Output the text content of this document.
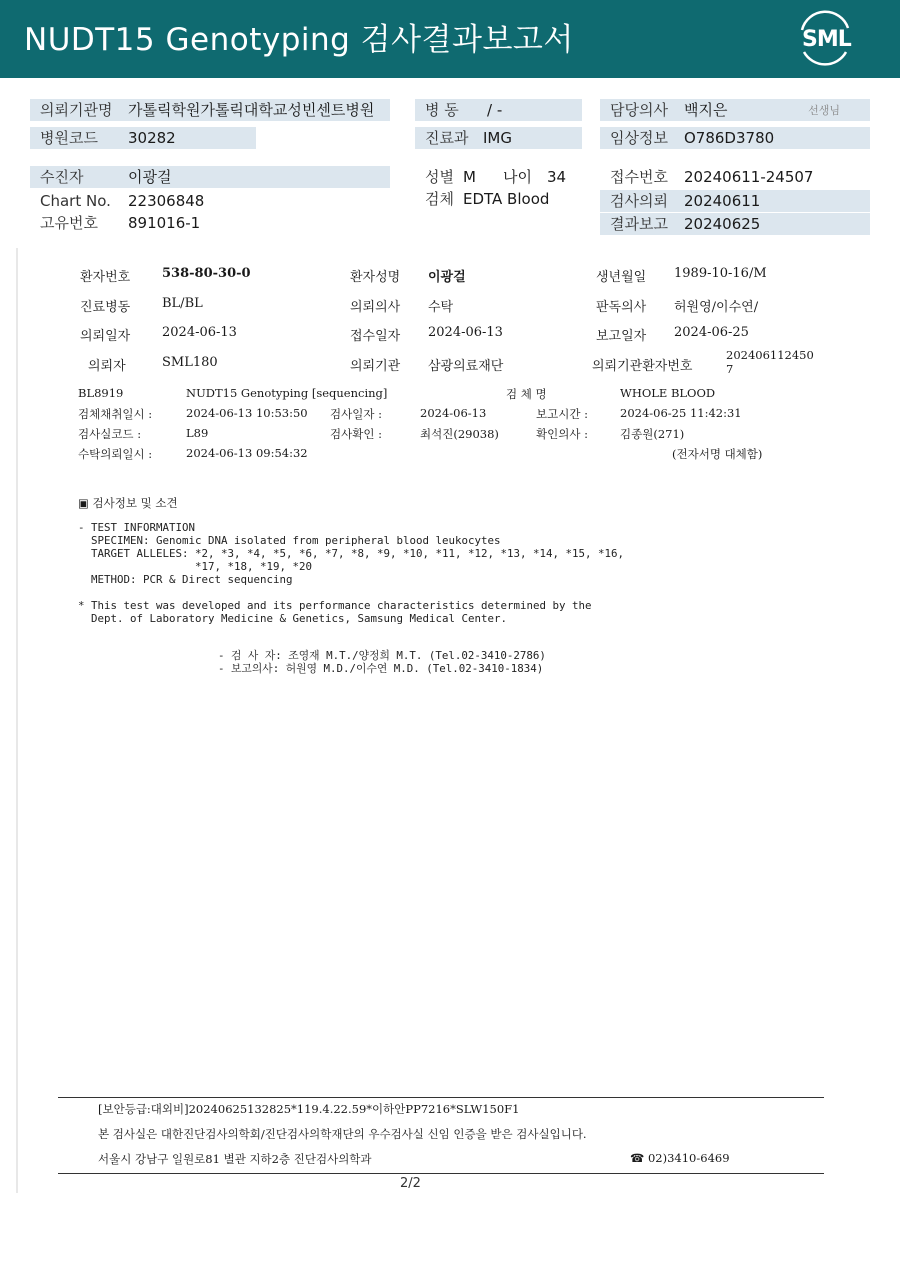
NUDT15 Genotyping 검사결과보고서	SML
의뢰기관명 가톨릭학원가톨릭대학교성빈센트병원
병원코드 30282
병 동 / -
진료과 IMG
담당의사 백지은	선생님
임상정보 O786D3780
수진자	이광걸
Chart No. 22306848
고유번호 891016-1
성별 M 나이 34
검체 EDTA Blood
접수번호 20240611-24507
검사의뢰 20240611
결과보고 20240625
환자번호 538-80-30-0	환자성명 이광걸	생년월일 1989-10-16/M
진료병동 BL/BL	의뢰의사 수탁	판독의사 허원영/이수연/
의뢰일자 2024-06-13	접수일자 2024-06-13	보고일자 2024-06-25
의뢰자	SML180	의뢰기관 삼광의료재단	의뢰기관환자번호
202406112450
7
BL8919	NUDT15 Genotyping [sequencing]	검 체 명	WHOLE BLOOD
검체채취일시 :	2024-06-13 10:53:50 검사일자 :	2024-06-13	보고시간 :	2024-06-25 11:42:31
검사실코드 :	L89	검사확인 :	최석진(29038)	확인의사 :	김종원(271)
수탁의뢰일시 :	2024-06-13 09:54:32	(전자서명 대체함)
▣ 검사정보 및 소견
- TEST INFORMATION
SPECIMEN: Genomic DNA isolated from peripheral blood leukocytes
TARGET ALLELES: *2, *3, *4, *5, *6, *7, *8, *9, *10, *11, *12, *13, *14, *15, *16,
*17, *18, *19, *20
METHOD: PCR & Direct sequencing
* This test was developed and its performance characteristics determined by the
Dept. of Laboratory Medicine & Genetics, Samsung Medical Center.
- 검 사 자: 조영재 M.T./양정희 M.T. (Tel.02-3410-2786)
- 보고의사: 허원영 M.D./이수연 M.D. (Tel.02-3410-1834)
[보안등급:대외비]20240625132825*119.4.22.59*이하안PP7216*SLW150F1
본 검사실은 대한진단검사의학회/진단검사의학재단의 우수검사실 신임 인증을 받은 검사실입니다.
서울시 강남구 일원로81 별관 지하2층 진단검사의학과	☎ 02)3410-6469
2/2
